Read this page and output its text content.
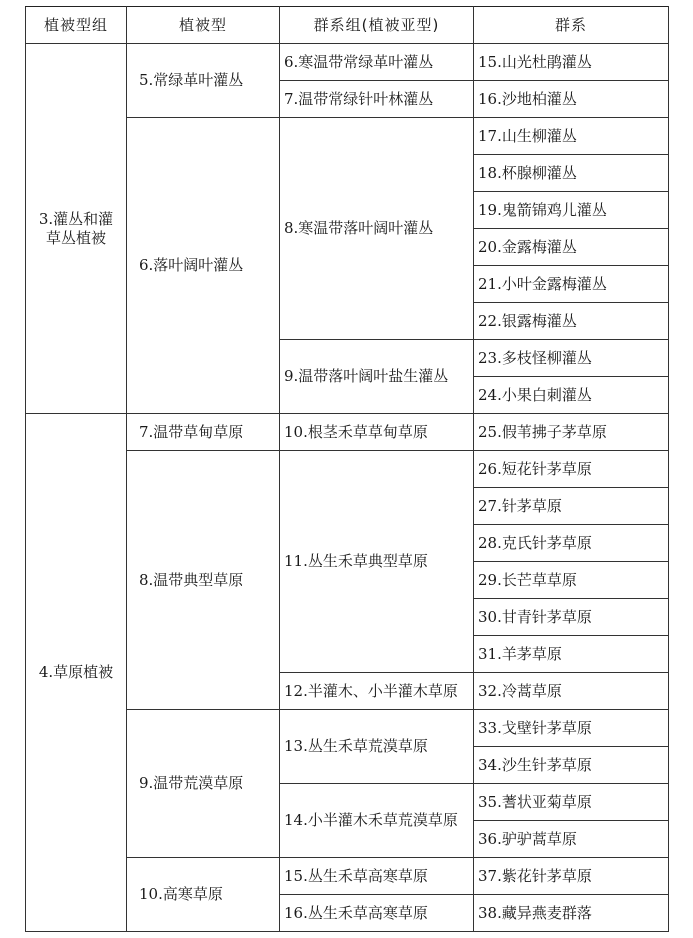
植被型组	植被型	群系组(植被亚型)	群系
3.灌丛和灌草丛植被	5.常绿革叶灌丛	6.寒温带常绿革叶灌丛	15.山光杜鹃灌丛
		7.温带常绿针叶林灌丛	16.沙地柏灌丛
	6.落叶阔叶灌丛	8.寒温带落叶阔叶灌丛	17.山生柳灌丛
			18.杯腺柳灌丛
			19.鬼箭锦鸡儿灌丛
			20.金露梅灌丛
			21.小叶金露梅灌丛
			22.银露梅灌丛
		9.温带落叶阔叶盐生灌丛	23.多枝怪柳灌丛
			24.小果白刺灌丛
4.草原植被	7.温带草甸草原	10.根茎禾草草甸草原	25.假苇拂子茅草原
	8.温带典型草原	11.丛生禾草典型草原	26.短花针茅草原
			27.针茅草原
			28.克氏针茅草原
			29.长芒草草原
			30.甘青针茅草原
			31.羊茅草原
		12.半灌木、小半灌木草原	32.冷蒿草原
	9.温带荒漠草原	13.丛生禾草荒漠草原	33.戈壁针茅草原
			34.沙生针茅草原
		14.小半灌木禾草荒漠草原	35.蓍状亚菊草原
			36.驴驴蒿草原
	10.高寒草原	15.丛生禾草高寒草原	37.紫花针茅草原
		16.丛生禾草高寒草原	38.藏异燕麦群落
